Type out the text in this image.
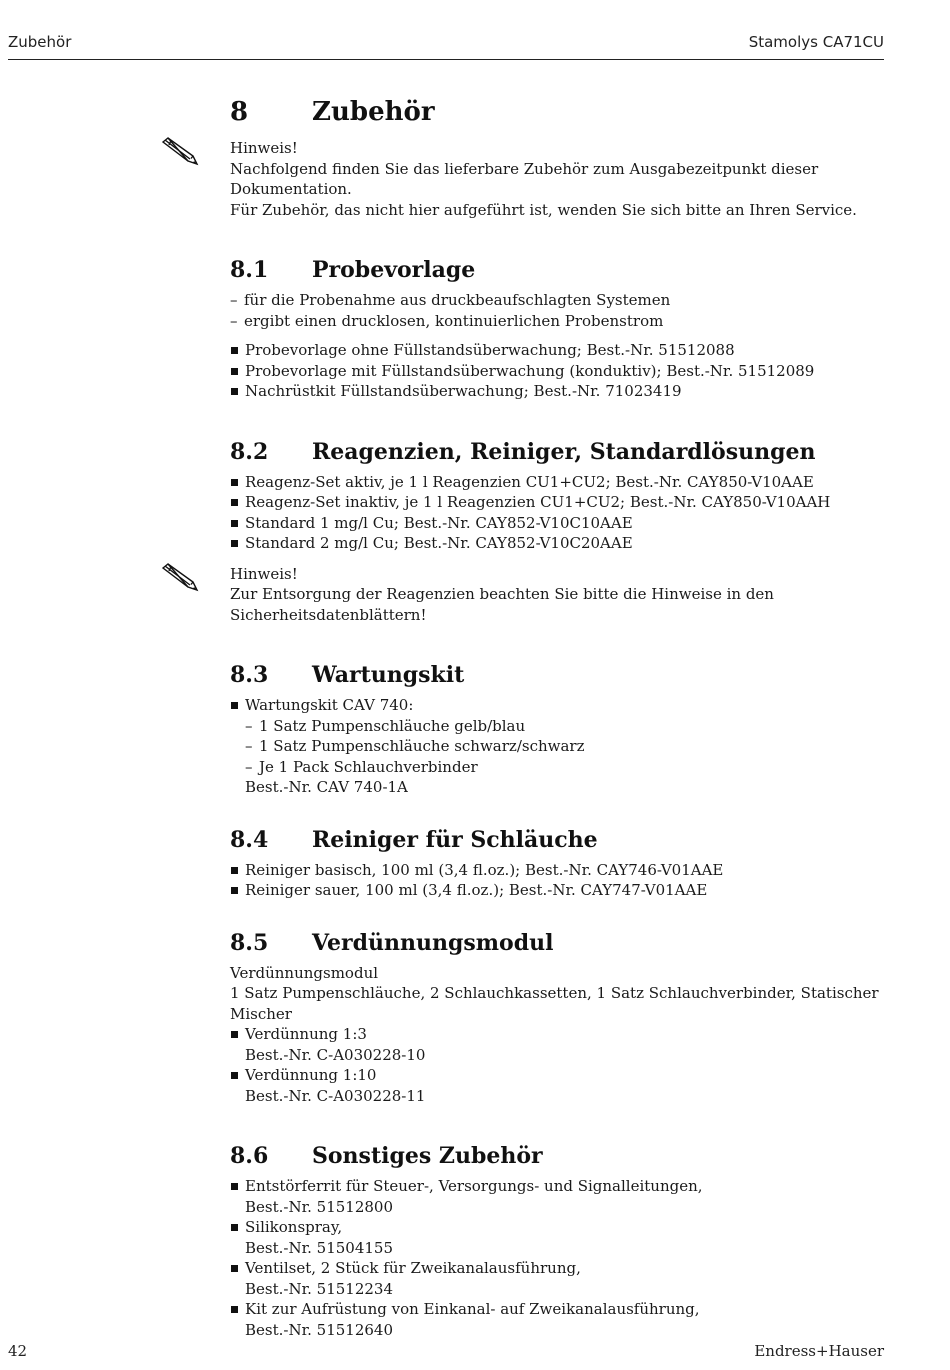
Zubehör	Stamolys CA71CU
8 Zubehör

Hinweis!

Nachfolgend finden Sie das lieferbare Zubehör zum Ausgabezeitpunkt dieser Dokumentation.

Für Zubehör, das nicht hier aufgeführt ist, wenden Sie sich bitte an Ihren Service.

8.1 Probevorlage
– für die Probenahme aus druckbeaufschlagten Systemen
– ergibt einen drucklosen, kontinuierlichen Probenstrom
Probevorlage ohne Füllstandsüberwachung; Best.-Nr. 51512088
Probevorlage mit Füllstandsüberwachung (konduktiv); Best.-Nr. 51512089
Nachrüstkit Füllstandsüberwachung; Best.-Nr. 71023419
8.2 Reagenzien, Reiniger, Standardlösungen
Reagenz-Set aktiv, je 1 l Reagenzien CU1+CU2; Best.-Nr. CAY850-V10AAE
Reagenz-Set inaktiv, je 1 l Reagenzien CU1+CU2; Best.-Nr. CAY850-V10AAH
Standard 1 mg/l Cu; Best.-Nr. CAY852-V10C10AAE
Standard 2 mg/l Cu; Best.-Nr. CAY852-V10C20AAE

Hinweis!

Zur Entsorgung der Reagenzien beachten Sie bitte die Hinweise in den Sicherheitsdatenblättern!

8.3 Wartungskit
Wartungskit CAV 740:
– 1 Satz Pumpenschläuche gelb/blau
– 1 Satz Pumpenschläuche schwarz/schwarz
– Je 1 Pack Schlauchverbinder
Best.-Nr. CAV 740-1A
8.4 Reiniger für Schläuche
Reiniger basisch, 100 ml (3,4 fl.oz.); Best.-Nr. CAY746-V01AAE
Reiniger sauer, 100 ml (3,4 fl.oz.); Best.-Nr. CAY747-V01AAE
8.5 Verdünnungsmodul

Verdünnungsmodul

1 Satz Pumpenschläuche, 2 Schlauchkassetten, 1 Satz Schlauchverbinder, Statischer Mischer

Verdünnung 1:3
Best.-Nr. C-A030228-10
Verdünnung 1:10
Best.-Nr. C-A030228-11
8.6 Sonstiges Zubehör
Entstörferrit für Steuer-, Versorgungs- und Signalleitungen,
Best.-Nr. 51512800
Silikonspray,
Best.-Nr. 51504155
Ventilset, 2 Stück für Zweikanalausführung,
Best.-Nr. 51512234
Kit zur Aufrüstung von Einkanal- auf Zweikanalausführung,
Best.-Nr. 51512640
42	Endress+Hauser
